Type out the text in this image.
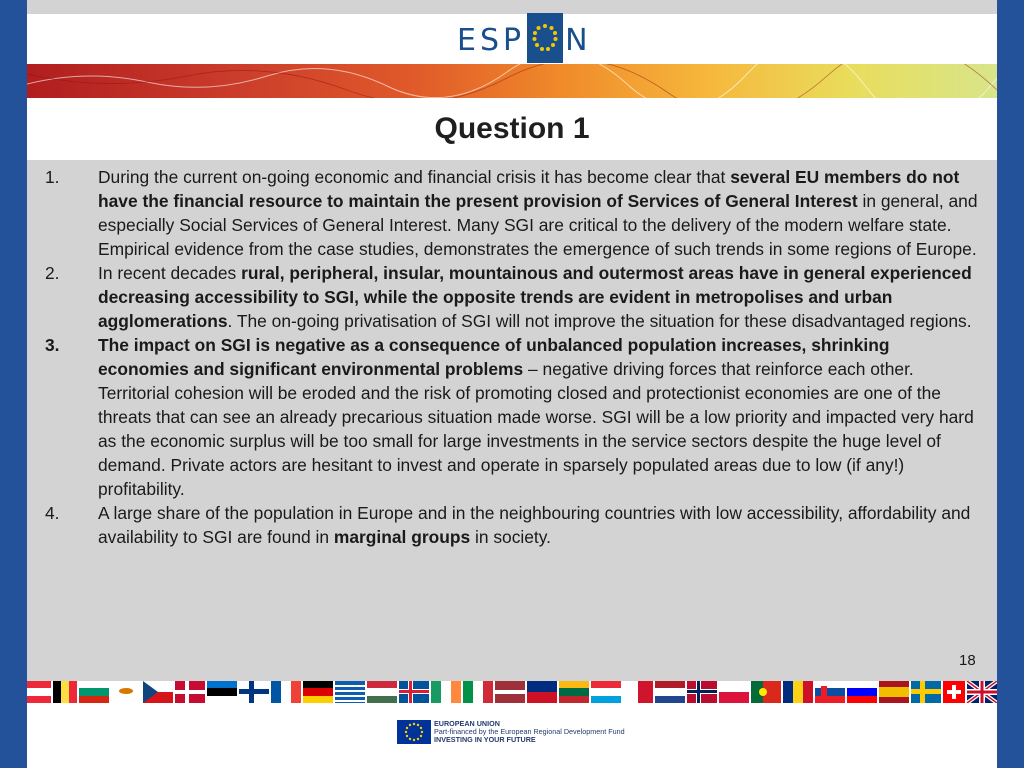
ESP N
Question 1
1. During the current on-going economic and financial crisis it has become clear that several EU members do not have the financial resource to maintain the present provision of Services of General Interest in general, and especially Social Services of General Interest. Many SGI are critical to the delivery of the modern welfare state. Empirical evidence from the case studies, demonstrates the emergence of such trends in some regions of Europe.
2. In recent decades rural, peripheral, insular, mountainous and outermost areas have in general experienced decreasing accessibility to SGI, while the opposite trends are evident in metropolises and urban agglomerations. The on-going privatisation of SGI will not improve the situation for these disadvantaged regions.
3. The impact on SGI is negative as a consequence of unbalanced population increases, shrinking economies and significant environmental problems – negative driving forces that reinforce each other. Territorial cohesion will be eroded and the risk of promoting closed and protectionist economies are one of the threats that can see an already precarious situation made worse. SGI will be a low priority and impacted very hard as the economic surplus will be too small for large investments in the service sectors despite the huge level of demand. Private actors are hesitant to invest and operate in sparsely populated areas due to low (if any!) profitability.
4. A large share of the population in Europe and in the neighbouring countries with low accessibility, affordability and availability to SGI are found in marginal groups in society.
18
EUROPEAN UNION
Part-financed by the European Regional Development Fund
INVESTING IN YOUR FUTURE
